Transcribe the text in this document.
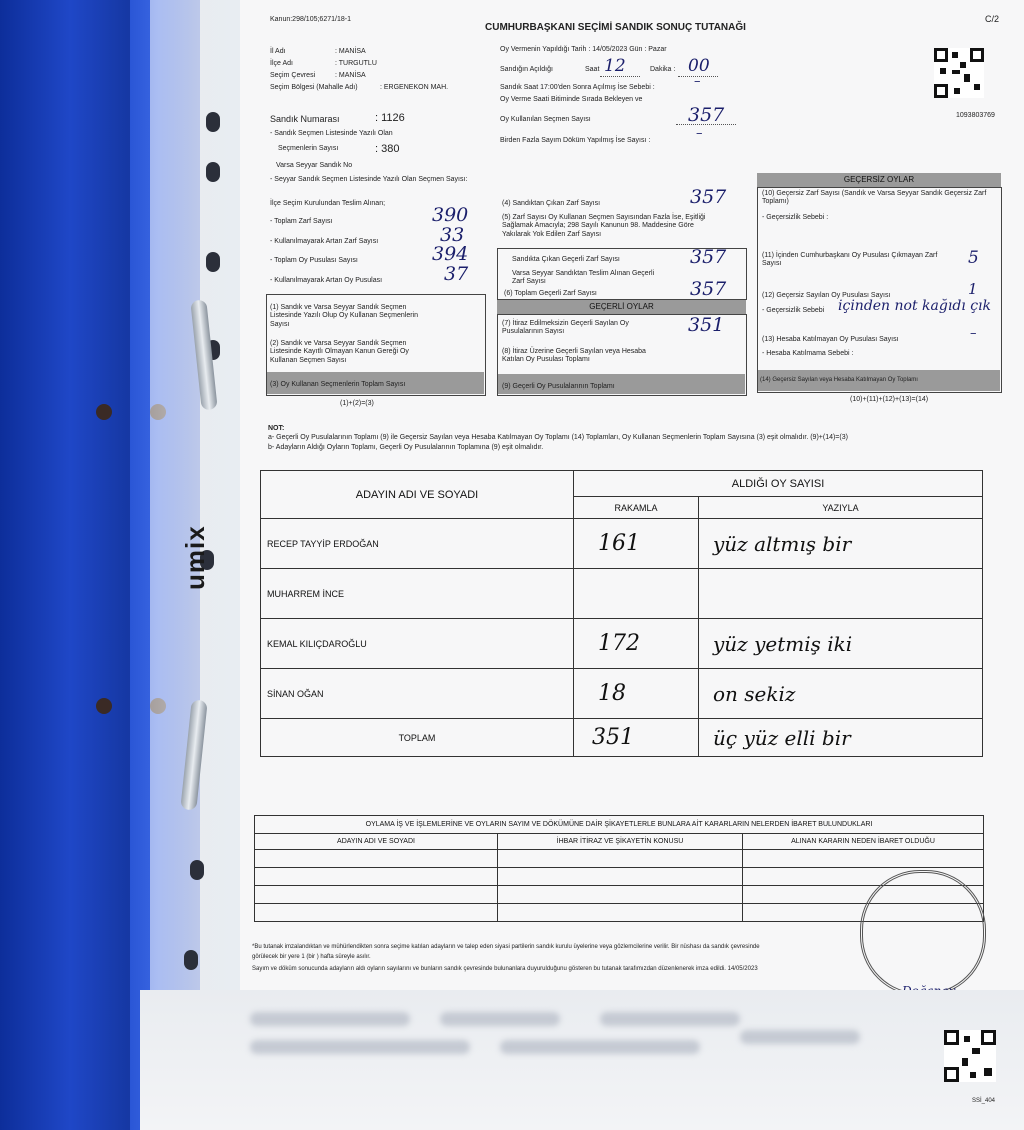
umix
Kanun:298/105;6271/18-1
CUMHURBAŞKANI SEÇİMİ SANDIK SONUÇ TUTANAĞI
C/2
1093803769
İl Adı	: MANİSA
İlçe Adı	: TURGUTLU
Seçim Çevresi	: MANİSA
Seçim Bölgesi (Mahalle Adı)	: ERGENEKON MAH.
Oy Vermenin Yapıldığı Tarih : 14/05/2023 Gün : Pazar
Sandığın Açıldığı	Saat 12	Dakika : 00
Sandık Saat 17:00'den Sonra Açılmış İse Sebebi :	–
Oy Verme Saati Bitiminde Sırada Bekleyen ve
Oy Kullanılan Seçmen Sayısı	357
Birden Fazla Sayım Döküm Yapılmış İse Sayısı :	–
Sandık Numarası	: 1126
- Sandık Seçmen Listesinde Yazılı Olan
Seçmenlerin Sayısı	: 380
Varsa Seyyar Sandık No
- Seyyar Sandık Seçmen Listesinde Yazılı Olan Seçmen Sayısı:
İlçe Seçim Kurulundan Teslim Alınan;
- Toplam Zarf Sayısı	390
- Kullanılmayarak Artan Zarf Sayısı	33
- Toplam Oy Pusulası Sayısı	394
- Kullanılmayarak Artan Oy Pusulası	37
(1) Sandık ve Varsa Seyyar Sandık Seçmen Listesinde Yazılı Olup Oy Kullanan Seçmenlerin Sayısı
(2) Sandık ve Varsa Seyyar Sandık Seçmen Listesinde Kayıtlı Olmayan Kanun Gereği Oy Kullanan Seçmen Sayısı
(3) Oy Kullanan Seçmenlerin Toplam Sayısı
(1)+(2)=(3)
(4) Sandıktan Çıkan Zarf Sayısı	357
(5) Zarf Sayısı Oy Kullanan Seçmen Sayısından Fazla İse, Eşitliği Sağlamak Amacıyla; 298 Sayılı Kanunun 98. Maddesine Göre Yakılarak Yok Edilen Zarf Sayısı
Sandıkta Çıkan Geçerli Zarf Sayısı	357
Varsa Seyyar Sandıktan Teslim Alınan Geçerli Zarf Sayısı
(6) Toplam Geçerli Zarf Sayısı	357
GEÇERLİ OYLAR
(7) İtiraz Edilmeksizin Geçerli Sayılan Oy Pusulalarının Sayısı	351
(8) İtiraz Üzerine Geçerli Sayılan veya Hesaba Katılan Oy Pusulası Toplamı
(9) Geçerli Oy Pusulalarının Toplamı
GEÇERSİZ OYLAR
(10) Geçersiz Zarf Sayısı (Sandık ve Varsa Seyyar Sandık Geçersiz Zarf Toplamı)
- Geçersizlik Sebebi :
(11) İçinden Cumhurbaşkanı Oy Pusulası Çıkmayan Zarf Sayısı	5
(12) Geçersiz Sayılan Oy Pusulası Sayısı	1
- Geçersizlik Sebebi içinden not kağıdı çık
(13) Hesaba Katılmayan Oy Pusulası Sayısı	–
- Hesaba Katılmama Sebebi :
(14) Geçersiz Sayılan veya Hesaba Katılmayan Oy Toplamı
(10)+(11)+(12)+(13)=(14)
NOT:
a- Geçerli Oy Pusulalarının Toplamı (9) ile Geçersiz Sayılan veya Hesaba Katılmayan Oy Toplamı (14) Toplamları, Oy Kullanan Seçmenlerin Toplam Sayısına (3) eşit olmalıdır. (9)+(14)=(3)
b- Adayların Aldığı Oyların Toplamı, Geçerli Oy Pusulalarının Toplamına (9) eşit olmalıdır.
ADAYIN ADI VE SOYADI	ALDIĞI OY SAYISI	
	RAKAMLA	YAZIYLA
RECEP TAYYİP ERDOĞAN	161	yüz altmış bir
MUHARREM İNCE		
KEMAL KILIÇDAROĞLU	172	yüz yetmiş iki
SİNAN OĞAN	18	on sekiz
TOPLAM	351	üç yüz elli bir
OYLAMA İŞ VE İŞLEMLERİNE VE OYLARIN SAYIM VE DÖKÜMÜNE DAİR ŞİKAYETLERLE BUNLARA AİT KARARLARIN NELERDEN İBARET BULUNDUKLARI		
ADAYIN ADI VE SOYADI	İHBAR İTİRAZ VE ŞİKAYETİN KONUSU	ALINAN KARARIN NEDEN İBARET OLDUĞU

*Bu tutanak imzalandıktan ve mühürlendikten sonra seçime katılan adayların ve talep eden siyasi partilerin sandık kurulu üyelerine veya gözlemcilerine verilir. Bir nüshası da sandık çevresinde
görülecek bir yere 1 (bir ) hafta süreyle asılır.
Sayım ve döküm sonucunda adayların aldı oyların sayılarını ve bunların sandık çevresinde bulunanlara duyurulduğunu gösteren bu tutanak tarafımızdan düzenlenerek imza edildi. 14/05/2023
SSİ_404
